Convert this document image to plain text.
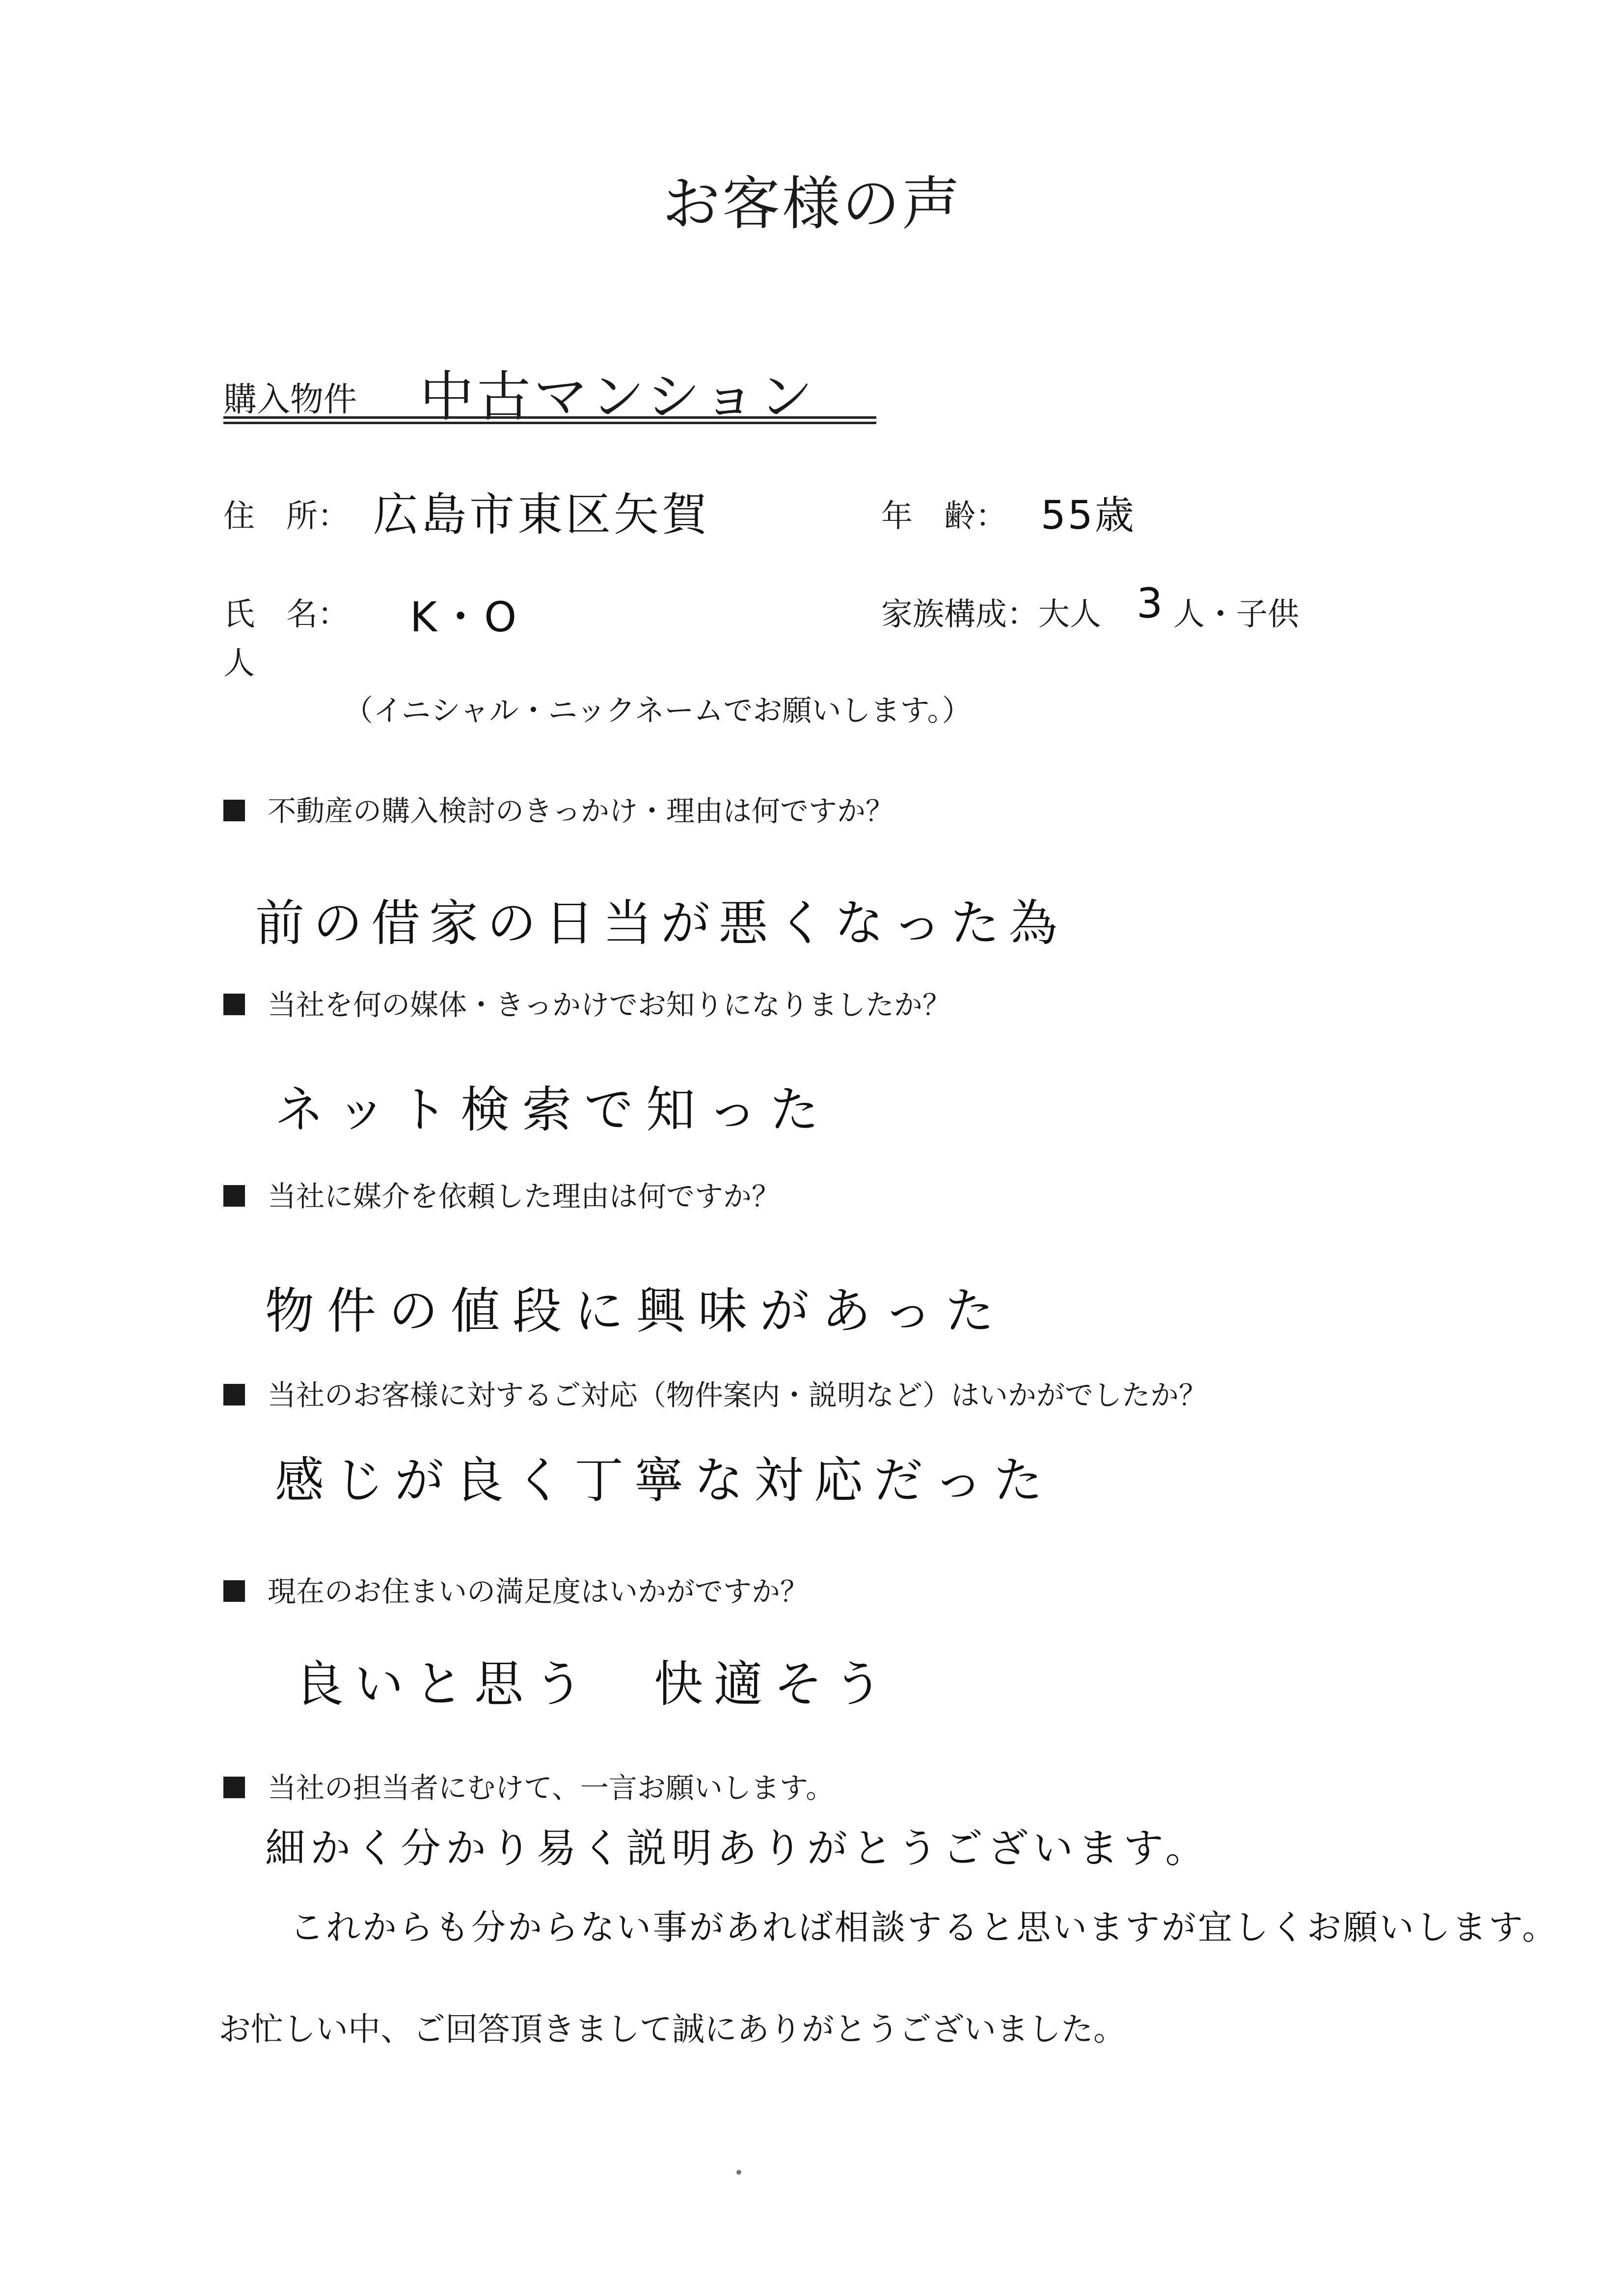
お客様の声
購入物件 中古マンション
住　所： 広島市東区矢賀	年　齢： 55歳
氏　名： K・O	家族構成：大人 3 人・子供
人
（イニシャル・ニックネームでお願いします。）
不動産の購入検討のきっかけ・理由は何ですか？
前の借家の日当が悪くなった為
当社を何の媒体・きっかけでお知りになりましたか？
ネット検索で知った
当社に媒介を依頼した理由は何ですか？
物件の値段に興味があった
当社のお客様に対するご対応（物件案内・説明など）はいかがでしたか？
感じが良く丁寧な対応だった
現在のお住まいの満足度はいかがですか？
良いと思う　快適そう
当社の担当者にむけて、一言お願いします。
細かく分かり易く説明ありがとうございます。
これからも分からない事があれば相談すると思いますが宜しくお願いします。
お忙しい中、ご回答頂きまして誠にありがとうございました。
